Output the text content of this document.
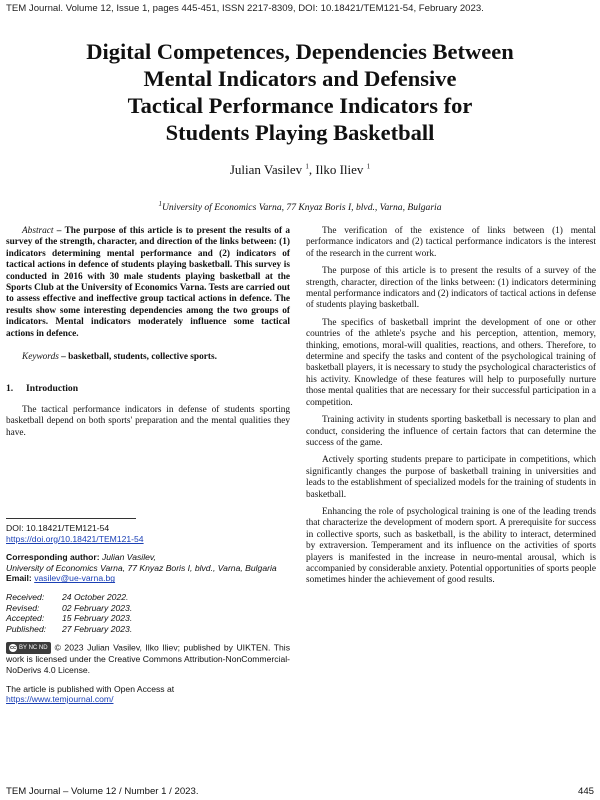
TEM Journal. Volume 12, Issue 1, pages 445-451, ISSN 2217-8309, DOI: 10.18421/TEM121-54, February 2023.
Digital Competences, Dependencies Between
Mental Indicators and Defensive
Tactical Performance Indicators for
Students Playing Basketball
Julian Vasilev $^1$, Ilko Iliev $^1$
$^1$University of Economics Varna, 77 Knyaz Boris I, blvd., Varna, Bulgaria

Abstract – The purpose of this article is to present the results of a survey of the strength, character, and direction of the links between: (1) indicators determining mental performance and (2) indicators of tactical actions in defence of students playing basketball. This survey is conducted in 2016 with 30 male students playing basketball at the Sports Club at the University of Economics Varna. Tests are carried out to assess effective and ineffective group tactical actions in defence. The results show some interesting dependencies among the two groups of indicators. Mental indicators moderately influence some tactical actions in defence.

Keywords – basketball, students, collective sports.

1. Introduction

The tactical performance indicators in defense of students sporting basketball depend on both sports' preparation and the mental qualities they have.

DOI: 10.18421/TEM121-54

https://doi.org/10.18421/TEM121-54

Corresponding author: Julian Vasilev,

University of Economics Varna, 77 Knyaz Boris I, blvd., Varna, Bulgaria

Email: vasilev@ue-varna.bg

Received:	24 October 2022.
Revised:	02 February 2023.
Accepted:	15 February 2023.
Published:	27 February 2023.
cc BY NC ND © 2023 Julian Vasilev, Ilko Iliev; published by UIKTEN. This work is licensed under the Creative Commons Attribution-NonCommercial-NoDerivs 4.0 License.

The article is published with Open Access at

https://www.temjournal.com/

The verification of the existence of links between (1) mental performance indicators and (2) tactical performance indicators is the interest of the research in the current work.

The purpose of this article is to present the results of a survey of the strength, character, direction of the links between: (1) indicators determining mental performance indicators and (2) indicators of tactical actions in defense of students playing basketball.

The specifics of basketball imprint the development of one or other countries of the athlete's psyche and his perception, attention, memory, thinking, emotions, moral-will qualities, reactions, and others. Therefore, to determine and specify the tasks and content of the psychological training of basketball players, it is necessary to study the psychological characteristics of his activity. Knowledge of these features will help to purposefully nurture those mental qualities that are necessary for their successful participation in a competition.

Training activity in students sporting basketball is necessary to plan and conduct, considering the influence of certain factors that can determine the success of the game.

Actively sporting students prepare to participate in competitions, which significantly changes the purpose of basketball training in universities and leads to the establishment of specialized models for the training of students in basketball.

Enhancing the role of psychological training is one of the leading trends that characterize the development of modern sport. A prerequisite for success in collective sports, such as basketball, is the ability to interact, determined by extraversion. Temperament and its influence on the activities of sports players is manifested in the increase in neuro-mental arousal, which is accompanied by considerable anxiety. Potential opportunities of sports people sometimes hinder the achievement of good results.

TEM Journal – Volume 12 / Number 1 / 2023.	445
